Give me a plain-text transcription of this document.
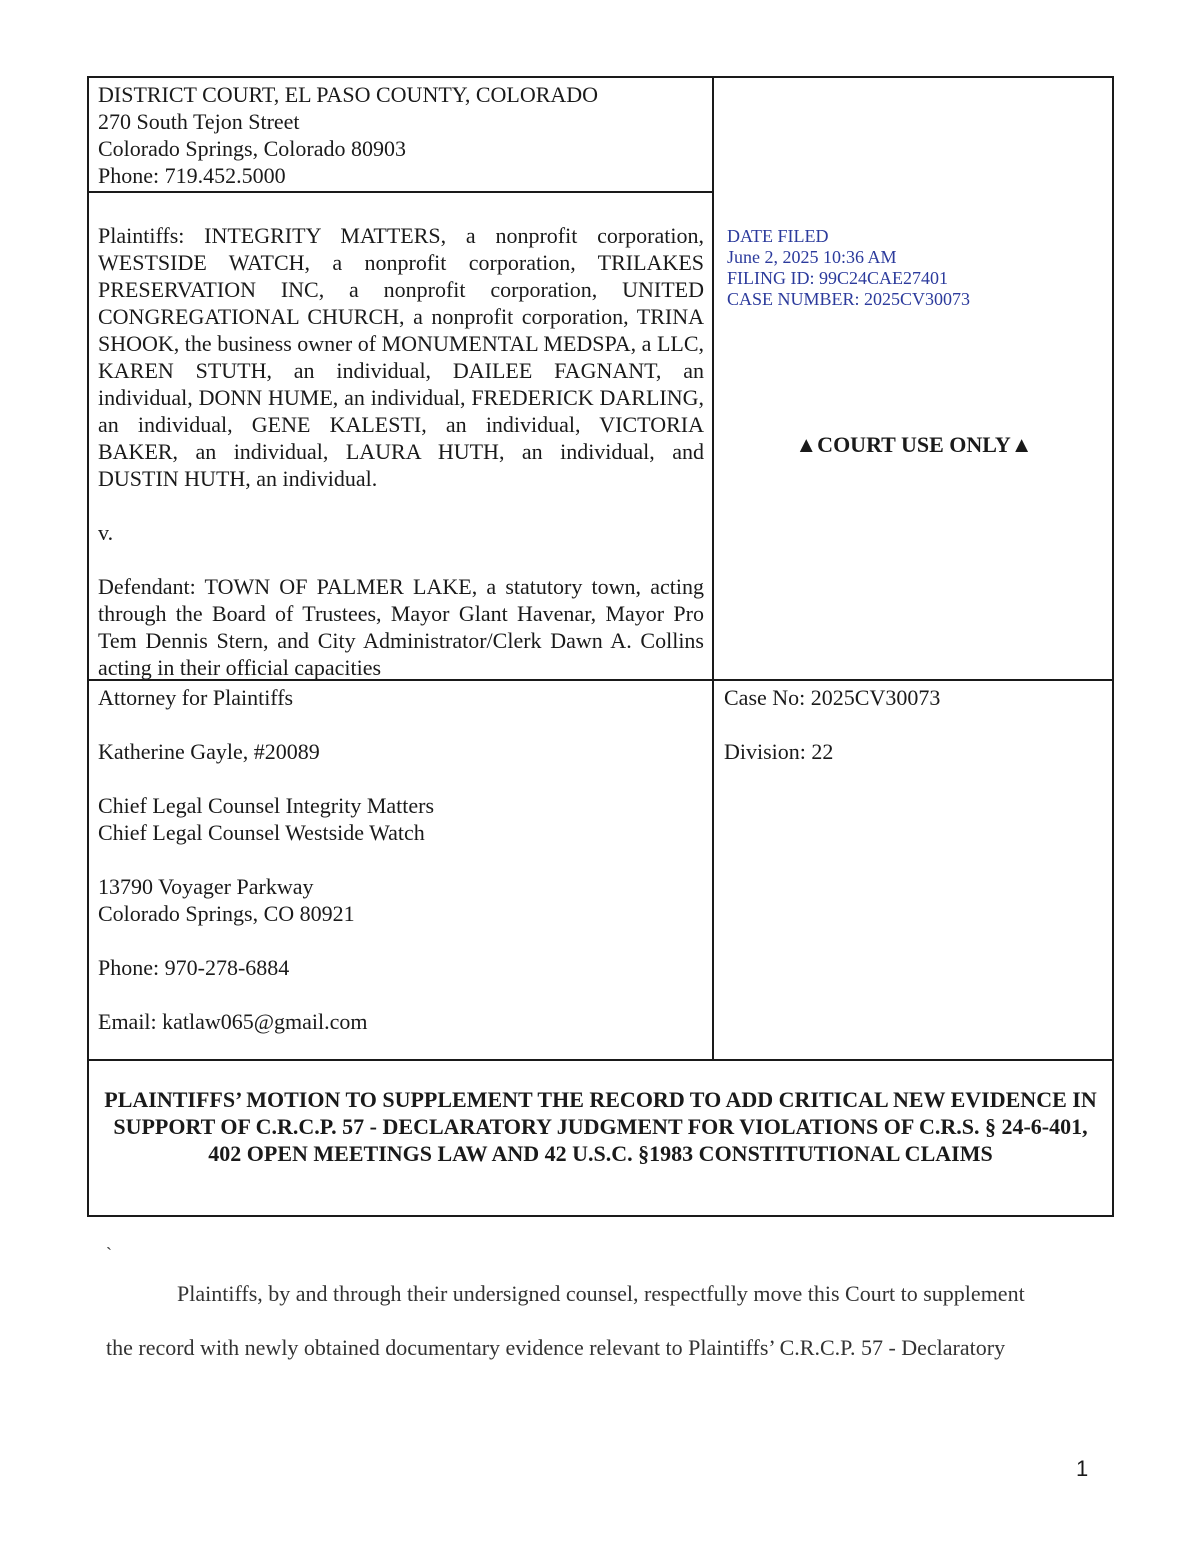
DISTRICT COURT, EL PASO COUNTY, COLORADO
270 South Tejon Street
Colorado Springs, Colorado 80903
Phone: 719.452.5000
Plaintiffs: INTEGRITY MATTERS, a nonprofit corporation, WESTSIDE WATCH, a nonprofit corporation, TRILAKES PRESERVATION INC, a nonprofit corporation, UNITED CONGREGATIONAL CHURCH, a nonprofit corporation, TRINA SHOOK, the business owner of MONUMENTAL MEDSPA, a LLC, KAREN STUTH, an individual, DAILEE FAGNANT, an individual, DONN HUME, an individual, FREDERICK DARLING, an individual, GENE KALESTI, an individual, VICTORIA BAKER, an individual, LAURA HUTH, an individual, and DUSTIN HUTH, an individual.
v.
Defendant: TOWN OF PALMER LAKE, a statutory town, acting through the Board of Trustees, Mayor Glant Havenar, Mayor Pro Tem Dennis Stern, and City Administrator/Clerk Dawn A. Collins acting in their official capacities
DATE FILED
June 2, 2025 10:36 AM
FILING ID: 99C24CAE27401
CASE NUMBER: 2025CV30073
▲COURT USE ONLY▲
Attorney for Plaintiffs
Katherine Gayle, #20089
Chief Legal Counsel Integrity Matters
Chief Legal Counsel Westside Watch
13790 Voyager Parkway
Colorado Springs, CO 80921
Phone: 970-278-6884
Email: katlaw065@gmail.com
Case No: 2025CV30073
Division: 22
PLAINTIFFS’ MOTION TO SUPPLEMENT THE RECORD TO ADD CRITICAL NEW EVIDENCE IN SUPPORT OF C.R.C.P. 57 - DECLARATORY JUDGMENT FOR VIOLATIONS OF C.R.S. § 24-6-401, 402 OPEN MEETINGS LAW AND 42 U.S.C. §1983 CONSTITUTIONAL CLAIMS
`
Plaintiffs, by and through their undersigned counsel, respectfully move this Court to supplement
the record with newly obtained documentary evidence relevant to Plaintiffs’ C.R.C.P. 57 - Declaratory
1
